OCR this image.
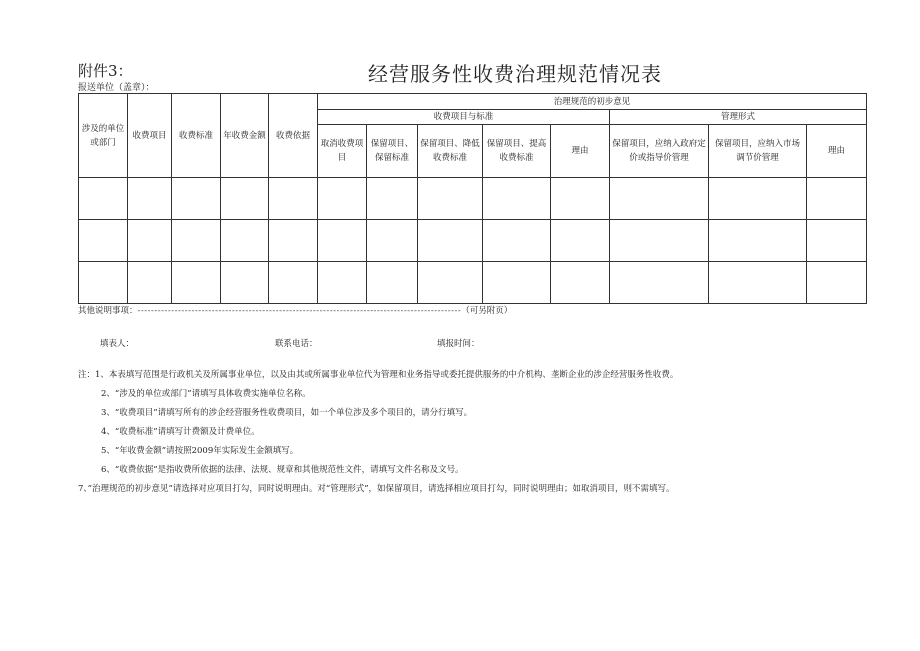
附件3：	经营服务性收费治理规范情况表
报送单位（盖章）：
涉及的单位或部门	收费项目	收费标准	年收费金额	收费依据	治理规范的初步意见							
					收费项目与标准					管理形式		
					取消收费项目	保留项目、保留标准	保留项目、降低收费标准	保留项目、提高收费标准	理由	保留项目，应纳入政府定价或指导价管理	保留项目，应纳入市场调节价管理	理由

其他说明事项：------------------------------------------------------------------------------------------------（可另附页）
填表人：	联系电话：	填报时间：
注：1、本表填写范围是行政机关及所属事业单位，以及由其或所属事业单位代为管理和业务指导或委托提供服务的中介机构、垄断企业的涉企经营服务性收费。
2、“涉及的单位或部门”请填写具体收费实施单位名称。
3、“收费项目”请填写所有的涉企经营服务性收费项目，如一个单位涉及多个项目的，请分行填写。
4、“收费标准”请填写计费额及计费单位。
5、“年收费金额”请按照2009年实际发生金额填写。
6、“收费依据”是指收费所依据的法律、法规、规章和其他规范性文件，请填写文件名称及文号。
7、”治理规范的初步意见”请选择对应项目打勾，同时说明理由。对“管理形式”，如保留项目，请选择相应项目打勾，同时说明理由；如取消项目，则不需填写。
